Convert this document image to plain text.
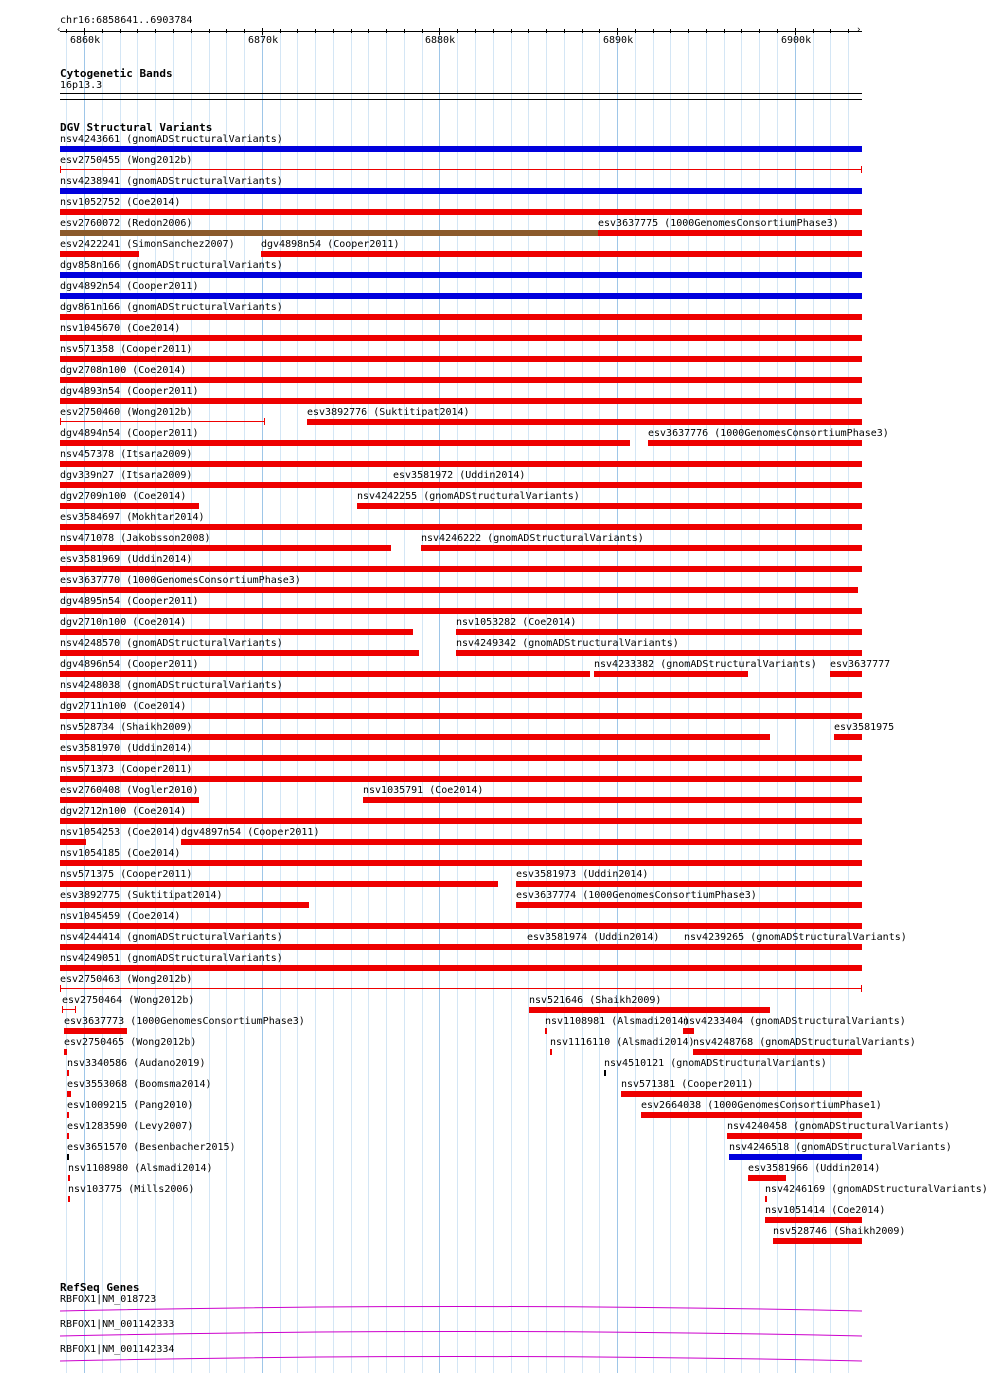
chr16:6858641..6903784
‹	›
6860k	6870k	6880k	6890k	6900k
Cytogenetic Bands
16p13.3
DGV Structural Variants
nsv4243661 (gnomADStructuralVariants)
esv2750455 (Wong2012b)
nsv4238941 (gnomADStructuralVariants)
nsv1052752 (Coe2014)
esv2760072 (Redon2006)	esv3637775 (1000GenomesConsortiumPhase3)
esv2422241 (SimonSanchez2007)	dgv4898n54 (Cooper2011)
dgv858n166 (gnomADStructuralVariants)
dgv4892n54 (Cooper2011)
dgv861n166 (gnomADStructuralVariants)
nsv1045670 (Coe2014)
nsv571358 (Cooper2011)
dgv2708n100 (Coe2014)
dgv4893n54 (Cooper2011)
esv2750460 (Wong2012b)	esv3892776 (Suktitipat2014)
dgv4894n54 (Cooper2011)	esv3637776 (1000GenomesConsortiumPhase3)
nsv457378 (Itsara2009)
dgv339n27 (Itsara2009)	esv3581972 (Uddin2014)
dgv2709n100 (Coe2014)	nsv4242255 (gnomADStructuralVariants)
esv3584697 (Mokhtar2014)
nsv471078 (Jakobsson2008)	nsv4246222 (gnomADStructuralVariants)
esv3581969 (Uddin2014)
esv3637770 (1000GenomesConsortiumPhase3)
dgv4895n54 (Cooper2011)
dgv2710n100 (Coe2014)	nsv1053282 (Coe2014)
nsv4248570 (gnomADStructuralVariants)	nsv4249342 (gnomADStructuralVariants)
dgv4896n54 (Cooper2011)	nsv4233382 (gnomADStructuralVariants) esv3637777
nsv4248038 (gnomADStructuralVariants)
dgv2711n100 (Coe2014)
nsv528734 (Shaikh2009)	esv3581975
esv3581970 (Uddin2014)
nsv571373 (Cooper2011)
esv2760408 (Vogler2010)	nsv1035791 (Coe2014)
dgv2712n100 (Coe2014)
nsv1054253 (Coe2014) dgv4897n54 (Cooper2011)
nsv1054185 (Coe2014)
nsv571375 (Cooper2011)	esv3581973 (Uddin2014)
esv3892775 (Suktitipat2014)	esv3637774 (1000GenomesConsortiumPhase3)
nsv1045459 (Coe2014)
nsv4244414 (gnomADStructuralVariants)	esv3581974 (Uddin2014) nsv4239265 (gnomADStructuralVariants)
nsv4249051 (gnomADStructuralVariants)
esv2750463 (Wong2012b)
esv2750464 (Wong2012b)	nsv521646 (Shaikh2009)
esv3637773 (1000GenomesConsortiumPhase3)	nsv1108981 (Alsmadi2014)
nsv4233404 (gnomADStructuralVariants)
esv2750465 (Wong2012b)	nsv1116110 (Alsmadi2014)
nsv4248768 (gnomADStructuralVariants)
nsv3340586 (Audano2019)	nsv4510121 (gnomADStructuralVariants)
esv3553068 (Boomsma2014)	nsv571381 (Cooper2011)
esv1009215 (Pang2010)	esv2664038 (1000GenomesConsortiumPhase1)
esv1283590 (Levy2007)	nsv4240458 (gnomADStructuralVariants)
esv3651570 (Besenbacher2015)	nsv4246518 (gnomADStructuralVariants)
nsv1108980 (Alsmadi2014)	esv3581966 (Uddin2014)
nsv103775 (Mills2006)	nsv4246169 (gnomADStructuralVariants)
nsv1051414 (Coe2014)
nsv528746 (Shaikh2009)
RefSeq Genes
RBFOX1|NM_018723
RBFOX1|NM_001142333
RBFOX1|NM_001142334
